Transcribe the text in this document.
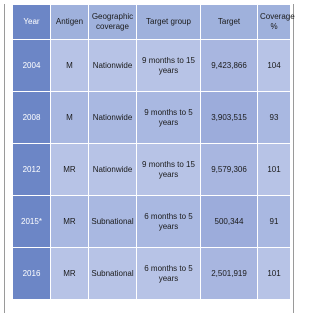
Year	Antigen	Geographic coverage	Target group	Target	Coverage %
2004	M	Nationwide	9 months to 15 years	9,423,866	104
2008	M	Nationwide	9 months to 5 years	3,903,515	93
2012	MR	Nationwide	9 months to 15 years	9,579,306	101
2015*	MR	Subnational	6 months to 5 years	500,344	91
2016	MR	Subnational	6 months to 5 years	2,501,919	101
